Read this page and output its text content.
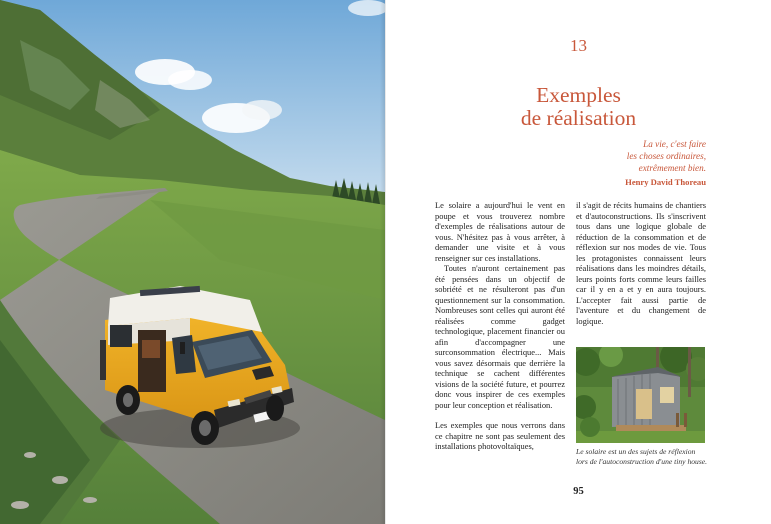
13
Exemples
de réalisation
La vie, c'est faire
les choses ordinaires,
extrêmement bien.
Henry David Thoreau

Le solaire a aujourd'hui le vent en poupe et vous trouverez nombre d'exemples de réalisations autour de vous. N'hésitez pas à vous arrêter, à demander une visite et à vous renseigner sur ces installations.

Toutes n'auront certainement pas été pensées dans un objectif de sobriété et ne résulteront pas d'un questionnement sur la consommation. Nombreuses sont celles qui auront été réalisées comme gadget technologique, placement financier ou afin d'accompagner une surconsommation électrique... Mais vous savez désormais que derrière la technique se cachent différentes visions de la société future, et pourrez donc vous inspirer de ces exemples pour leur conception et réalisation.

Les exemples que nous verrons dans ce chapitre ne sont pas seulement des installations photovoltaïques,

il s'agit de récits humains de chantiers et d'autoconstructions. Ils s'inscrivent tous dans une logique globale de réduction de la consommation et de réflexion sur nos modes de vie. Tous les protagonistes connaissent leurs réalisations dans les moindres détails, leurs points forts comme leurs failles car il y en a et y en aura toujours. L'accepter fait aussi partie de l'aventure et du changement de logique.

Le solaire est un des sujets de réflexion
lors de l'autoconstruction d'une tiny house.
95
